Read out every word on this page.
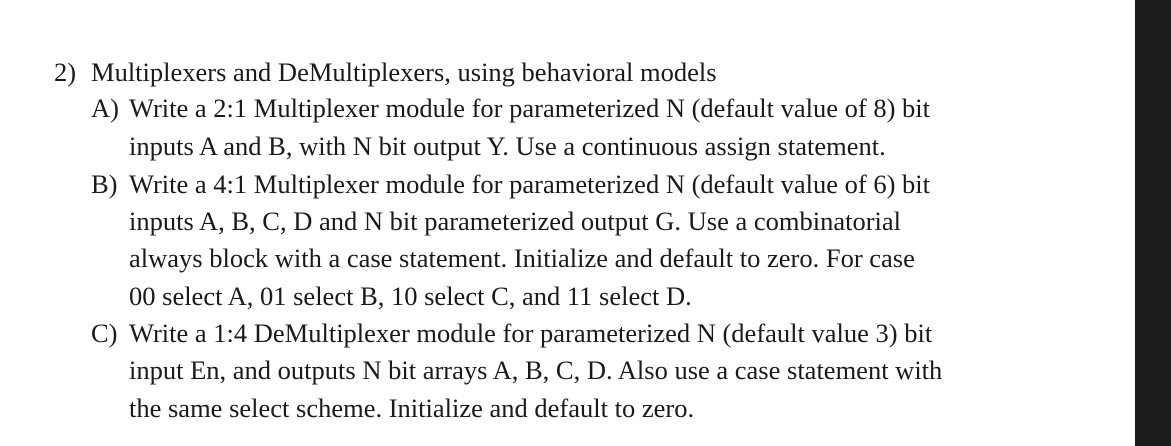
2) Multiplexers and DeMultiplexers, using behavioral models
A) Write a 2:1 Multiplexer module for parameterized N (default value of 8) bit
inputs A and B, with N bit output Y. Use a continuous assign statement.
B) Write a 4:1 Multiplexer module for parameterized N (default value of 6) bit
inputs A, B, C, D and N bit parameterized output G. Use a combinatorial
always block with a case statement. Initialize and default to zero. For case
00 select A, 01 select B, 10 select C, and 11 select D.
C) Write a 1:4 DeMultiplexer module for parameterized N (default value 3) bit
input En, and outputs N bit arrays A, B, C, D. Also use a case statement with
the same select scheme. Initialize and default to zero.
